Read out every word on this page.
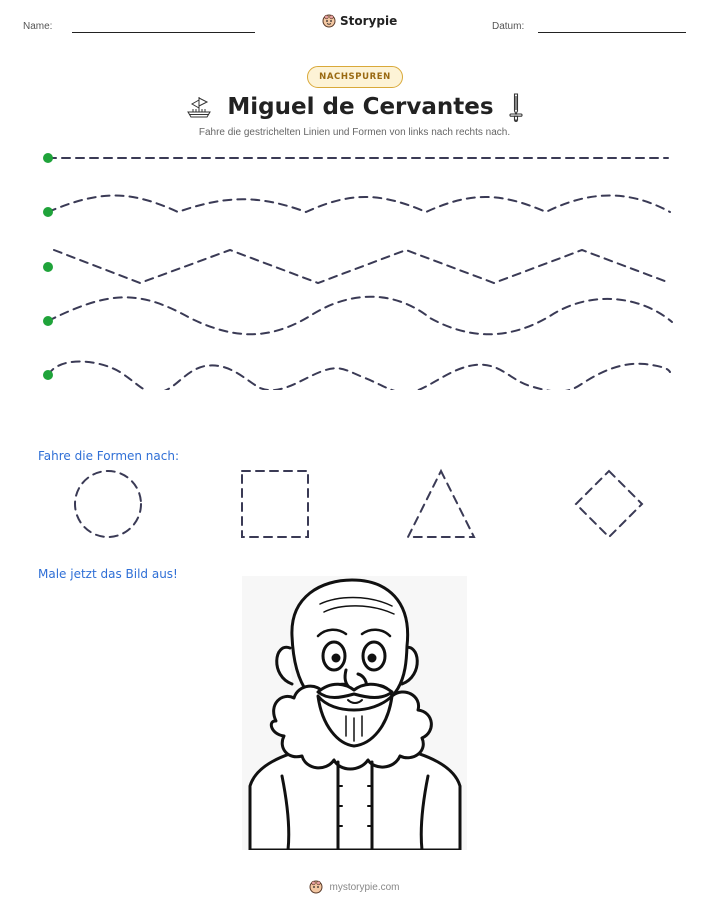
Name:	Storypie	Datum:
NACHSPUREN
Miguel de Cervantes
Fahre die gestrichelten Linien und Formen von links nach rechts nach.
Fahre die Formen nach:
Male jetzt das Bild aus!
mystorypie.com
